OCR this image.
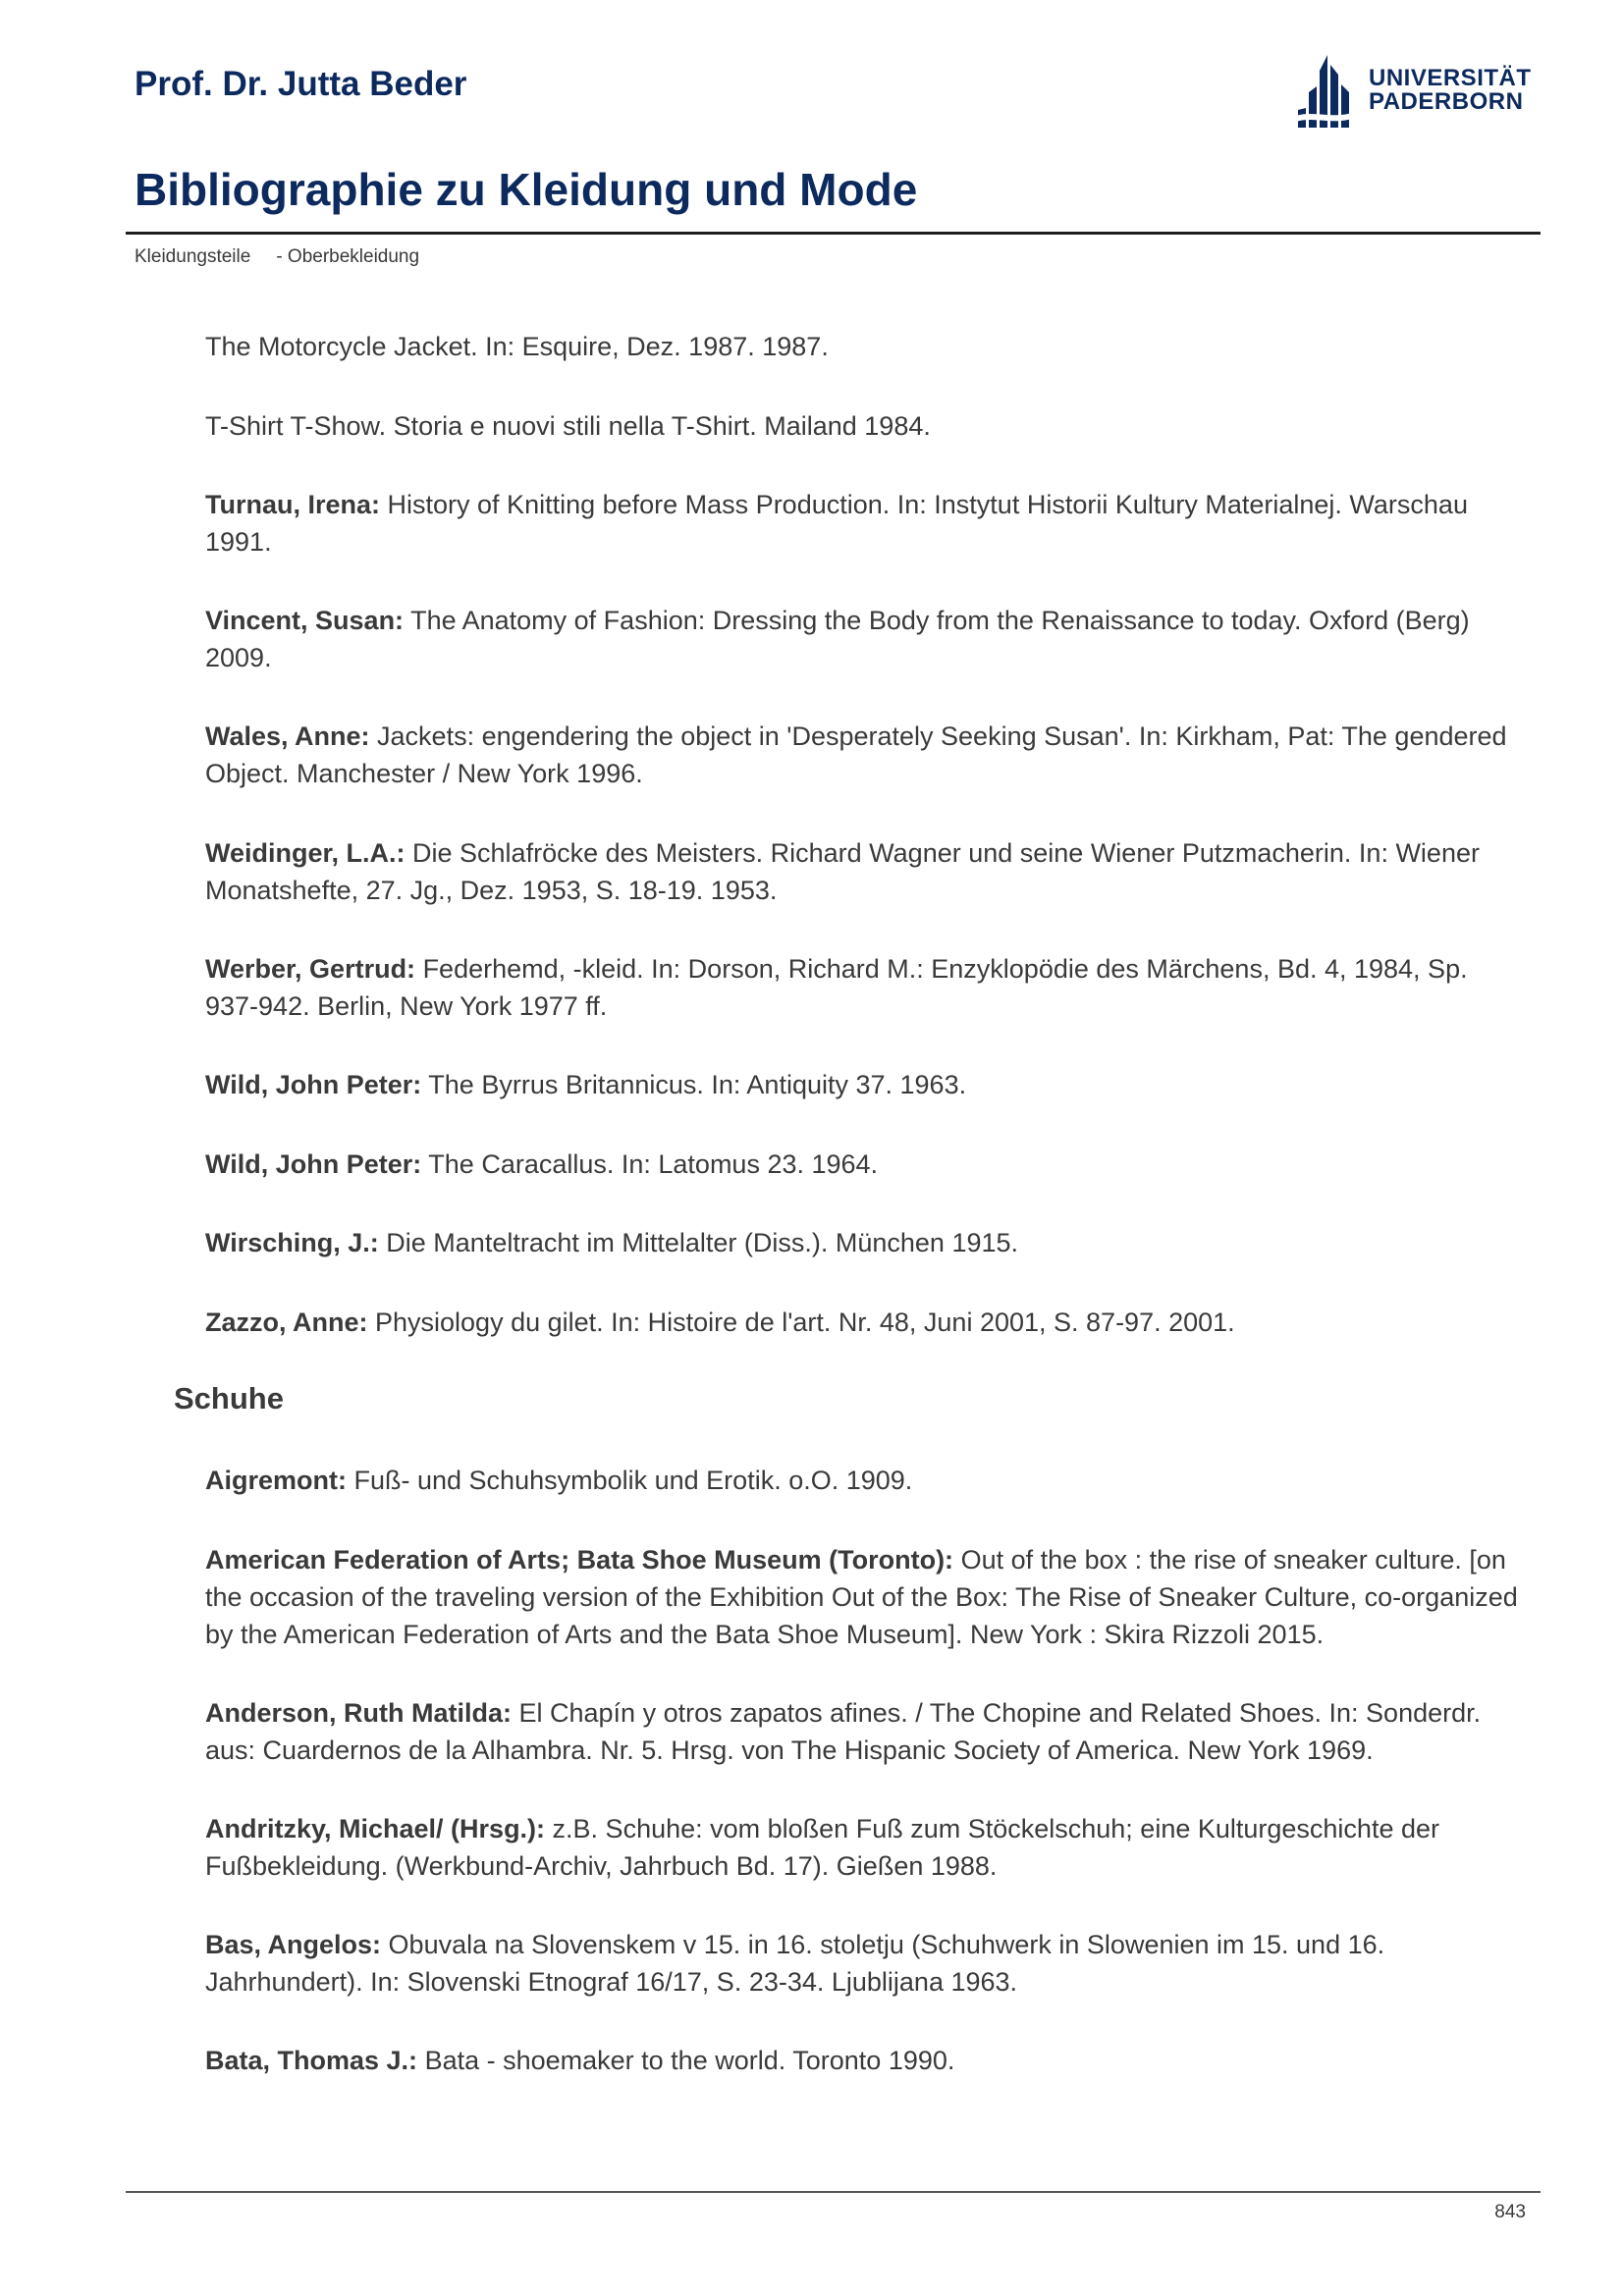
Prof. Dr. Jutta Beder	UNIVERSITÄT
PADERBORN
Bibliographie zu Kleidung und Mode
Kleidungsteile - Oberbekleidung
The Motorcycle Jacket. In: Esquire, Dez. 1987. 1987.
T-Shirt T-Show. Storia e nuovi stili nella T-Shirt. Mailand 1984.
Turnau, Irena: History of Knitting before Mass Production. In: Instytut Historii Kultury Materialnej. Warschau 1991.
Vincent, Susan: The Anatomy of Fashion: Dressing the Body from the Renaissance to today. Oxford (Berg) 2009.
Wales, Anne: Jackets: engendering the object in 'Desperately Seeking Susan'. In: Kirkham, Pat: The gendered Object. Manchester / New York 1996.
Weidinger, L.A.: Die Schlafröcke des Meisters. Richard Wagner und seine Wiener Putzmacherin. In: Wiener Monatshefte, 27. Jg., Dez. 1953, S. 18-19. 1953.
Werber, Gertrud: Federhemd, -kleid. In: Dorson, Richard M.: Enzyklopödie des Märchens, Bd. 4, 1984, Sp. 937-942. Berlin, New York 1977 ff.
Wild, John Peter: The Byrrus Britannicus. In: Antiquity 37. 1963.
Wild, John Peter: The Caracallus. In: Latomus 23. 1964.
Wirsching, J.: Die Manteltracht im Mittelalter (Diss.). München 1915.
Zazzo, Anne: Physiology du gilet. In: Histoire de l'art. Nr. 48, Juni 2001, S. 87-97. 2001.
Schuhe
Aigremont: Fuß- und Schuhsymbolik und Erotik. o.O. 1909.
American Federation of Arts; Bata Shoe Museum (Toronto): Out of the box : the rise of sneaker culture. [on the occasion of the traveling version of the Exhibition Out of the Box: The Rise of Sneaker Culture, co-organized by the American Federation of Arts and the Bata Shoe Museum]. New York : Skira Rizzoli 2015.
Anderson, Ruth Matilda: El Chapín y otros zapatos afines. / The Chopine and Related Shoes. In: Sonderdr. aus: Cuardernos de la Alhambra. Nr. 5. Hrsg. von The Hispanic Society of America. New York 1969.
Andritzky, Michael/ (Hrsg.): z.B. Schuhe: vom bloßen Fuß zum Stöckelschuh; eine Kulturgeschichte der Fußbekleidung. (Werkbund-Archiv, Jahrbuch Bd. 17). Gießen 1988.
Bas, Angelos: Obuvala na Slovenskem v 15. in 16. stoletju (Schuhwerk in Slowenien im 15. und 16. Jahrhundert). In: Slovenski Etnograf 16/17, S. 23-34. Ljublijana 1963.
Bata, Thomas J.: Bata - shoemaker to the world. Toronto 1990.
843
